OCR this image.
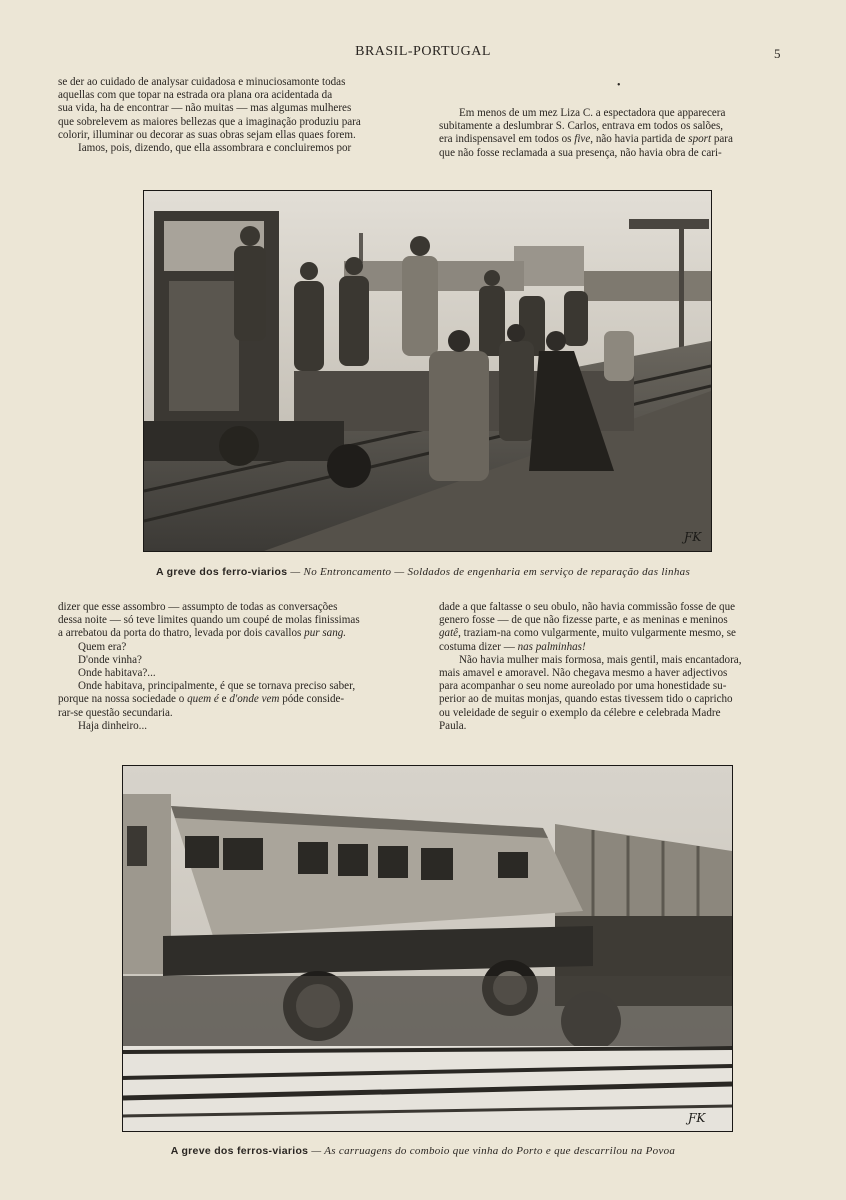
BRASIL-PORTUGAL	5
•

se der ao cuidado de analysar cuidadosa e minuciosamonte todas

aquellas com que topar na estrada ora plana ora acidentada da

sua vida, ha de encontrar — não muitas — mas algumas mulheres

que sobrelevem as maiores bellezas que a imaginação produziu para

colorir, illuminar ou decorar as suas obras sejam ellas quaes forem.

Iamos, pois, dizendo, que ella assombrara e concluiremos por

Em menos de um mez Liza C. a espectadora que apparecera

subitamente a deslumbrar S. Carlos, entrava em todos os salões,

era indispensavel em todos os five, não havia partida de sport para

que não fosse reclamada a sua presença, não havia obra de cari-

ƑK
A greve dos ferro-viarios — No Entroncamento — Soldados de engenharia em serviço de reparação das linhas

dizer que esse assombro — assumpto de todas as conversações

dessa noite — só teve limites quando um coupé de molas finissimas

a arrebatou da porta do thatro, levada por dois cavallos pur sang.

Quem era?

D'onde vinha?

Onde habitava?...

Onde habitava, principalmente, é que se tornava preciso saber,

porque na nossa sociedade o quem é e d'onde vem póde conside-

rar-se questão secundaria.

Haja dinheiro...

dade a que faltasse o seu obulo, não havia commissão fosse de que

genero fosse — de que não fizesse parte, e as meninas e meninos

gatê, traziam-na como vulgarmente, muito vulgarmente mesmo, se

costuma dizer — nas palminhas!

Não havia mulher mais formosa, mais gentil, mais encantadora,

mais amavel e amoravel. Não chegava mesmo a haver adjectivos

para acompanhar o seu nome aureolado por uma honestidade su-

perior ao de muitas monjas, quando estas tivessem tido o capricho

ou veleidade de seguir o exemplo da célebre e celebrada Madre

Paula.

ƑK
A greve dos ferros-viarios — As carruagens do comboio que vinha do Porto e que descarrilou na Povoa
